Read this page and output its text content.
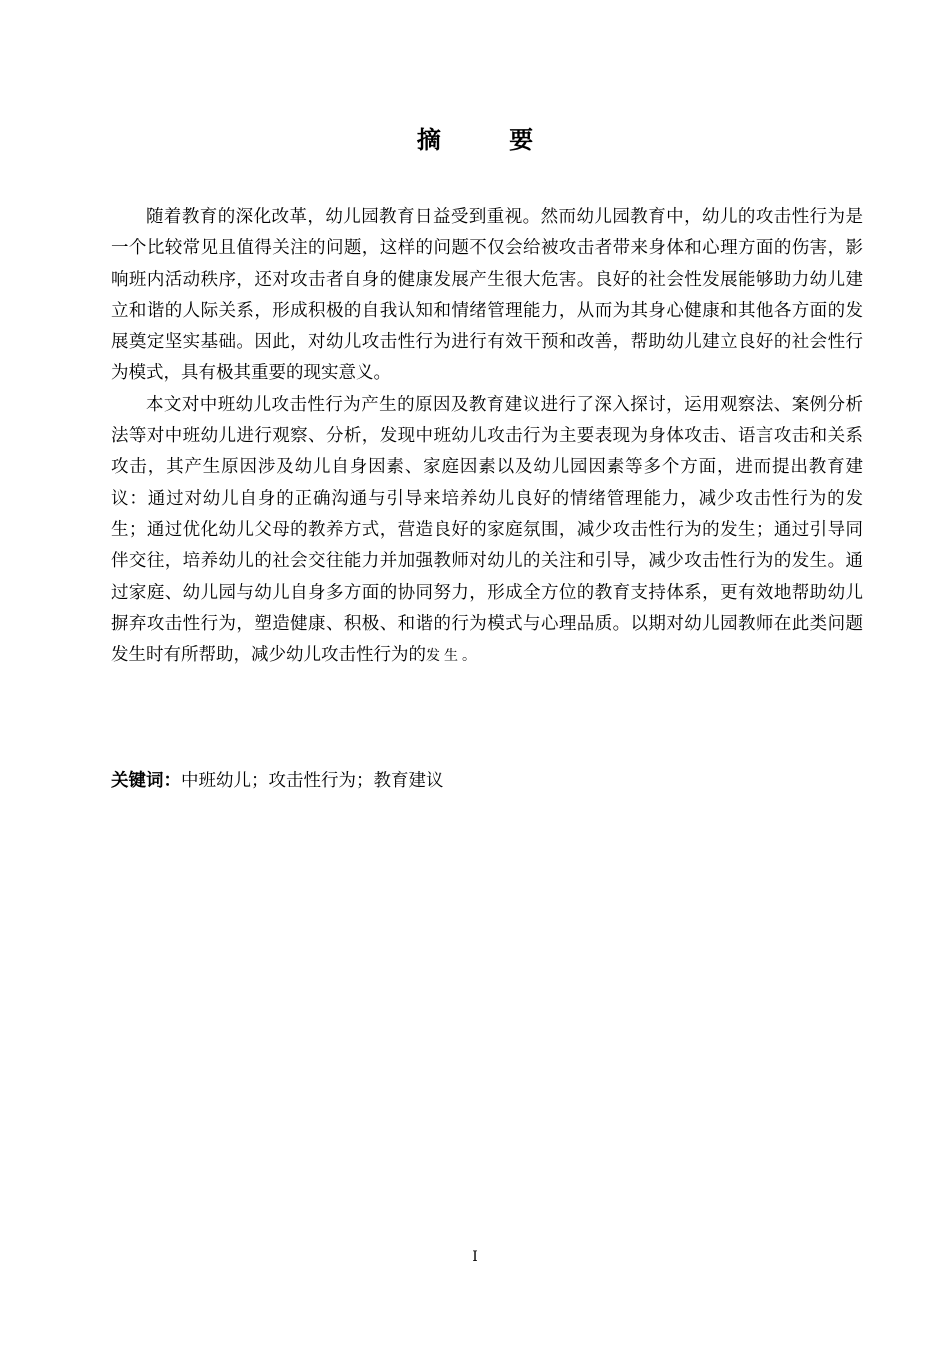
摘 要

随着教育的深化改革，幼儿园教育日益受到重视。然而幼儿园教育中，幼儿的攻击性行为是一个比较常见且值得关注的问题，这样的问题不仅会给被攻击者带来身体和心理方面的伤害，影响班内活动秩序，还对攻击者自身的健康发展产生很大危害。良好的社会性发展能够助力幼儿建立和谐的人际关系，形成积极的自我认知和情绪管理能力，从而为其身心健康和其他各方面的发展奠定坚实基础。因此，对幼儿攻击性行为进行有效干预和改善，帮助幼儿建立良好的社会性行为模式，具有极其重要的现实意义。

本文对中班幼儿攻击性行为产生的原因及教育建议进行了深入探讨，运用观察法、案例分析法等对中班幼儿进行观察、分析，发现中班幼儿攻击行为主要表现为身体攻击、语言攻击和关系攻击，其产生原因涉及幼儿自身因素、家庭因素以及幼儿园因素等多个方面，进而提出教育建议：通过对幼儿自身的正确沟通与引导来培养幼儿良好的情绪管理能力，减少攻击性行为的发生；通过优化幼儿父母的教养方式，营造良好的家庭氛围，减少攻击性行为的发生；通过引导同伴交往，培养幼儿的社会交往能力并加强教师对幼儿的关注和引导，减少攻击性行为的发生。通过家庭、幼儿园与幼儿自身多方面的协同努力，形成全方位的教育支持体系，更有效地帮助幼儿摒弃攻击性行为，塑造健康、积极、和谐的行为模式与心理品质。以期对幼儿园教师在此类问题发生时有所帮助，减少幼儿攻击性行为的发生。

关键词：中班幼儿；攻击性行为；教育建议
I
